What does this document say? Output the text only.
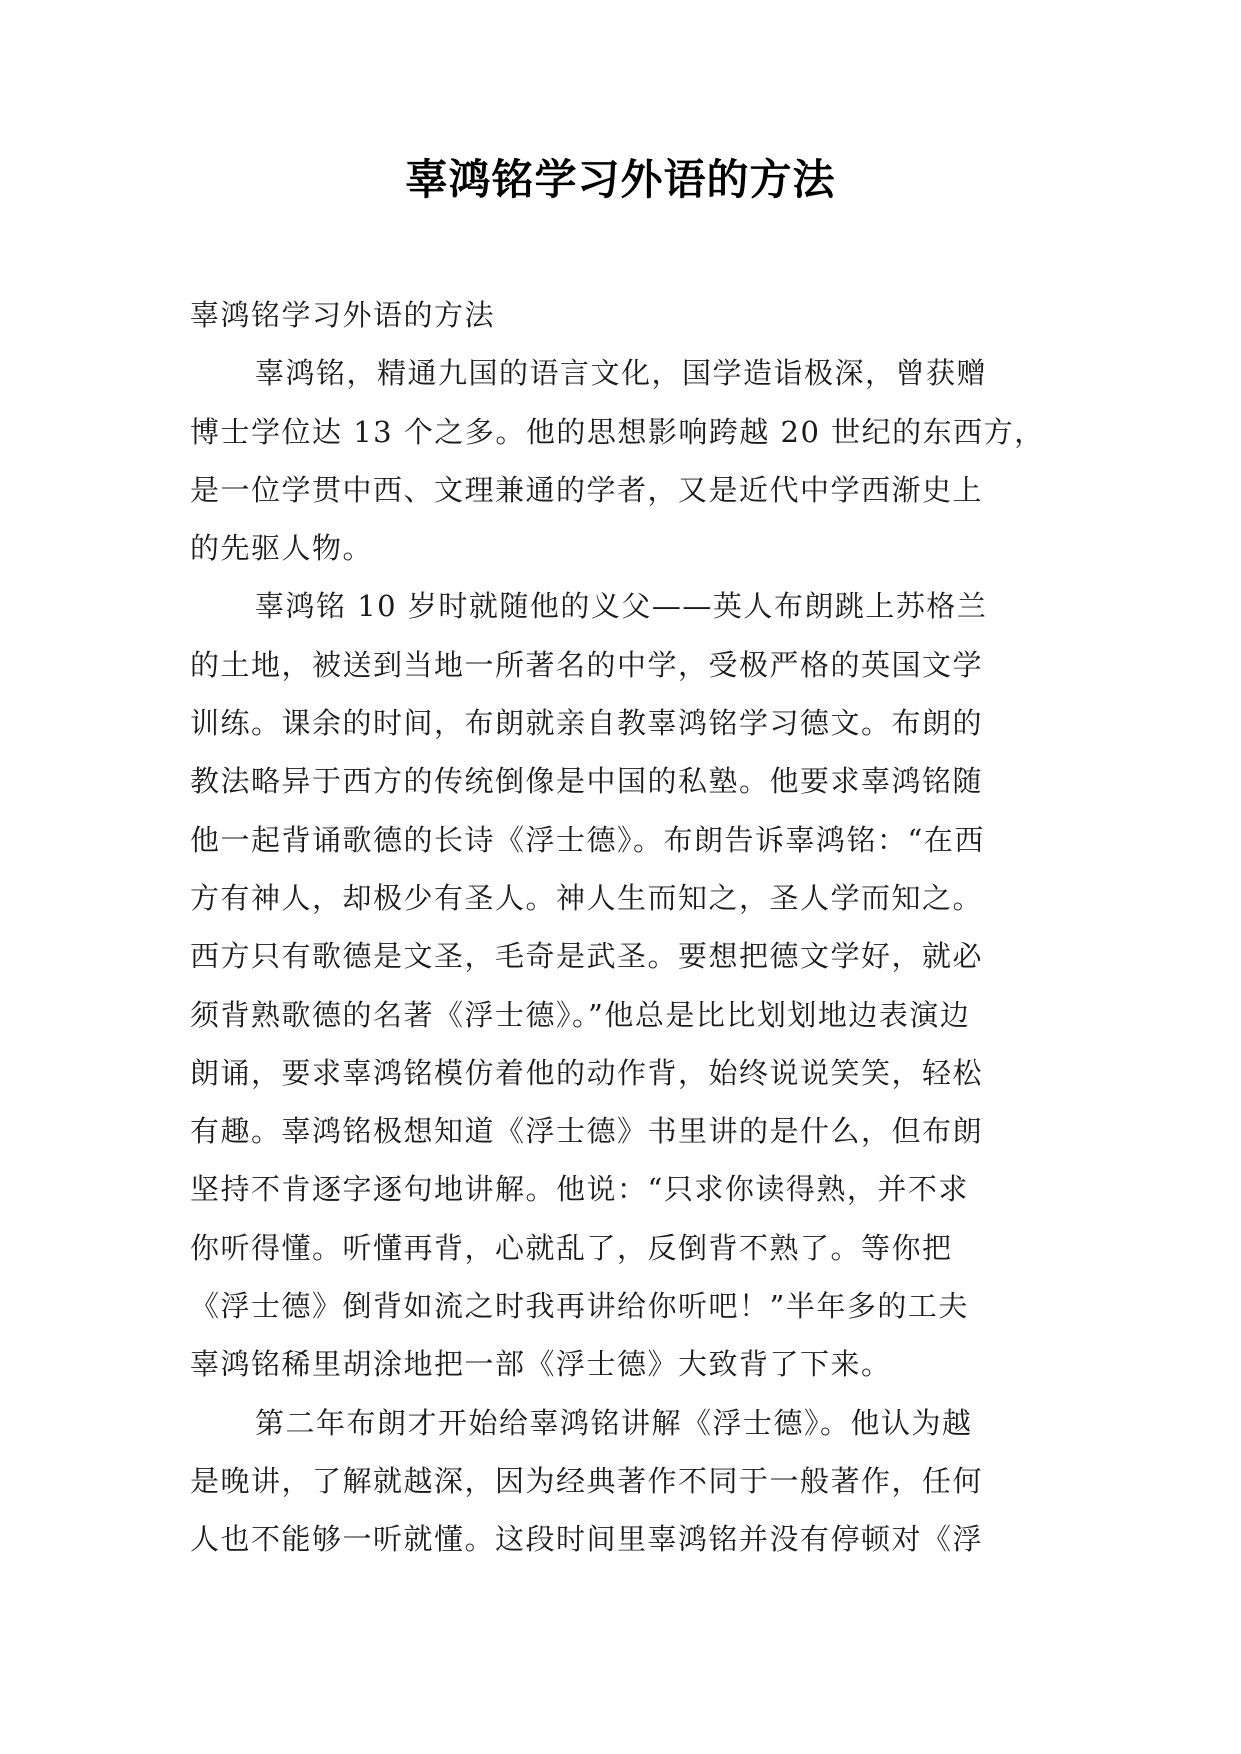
辜鸿铭学习外语的方法
辜鸿铭学习外语的方法
辜鸿铭，精通九国的语言文化，国学造诣极深，曾获赠
博士学位达 13 个之多。他的思想影响跨越 20 世纪的东西方，
是一位学贯中西、文理兼通的学者，又是近代中学西渐史上
的先驱人物。
辜鸿铭 10 岁时就随他的义父——英人布朗跳上苏格兰
的土地，被送到当地一所著名的中学，受极严格的英国文学
训练。课余的时间，布朗就亲自教辜鸿铭学习德文。布朗的
教法略异于西方的传统倒像是中国的私塾。他要求辜鸿铭随
他一起背诵歌德的长诗《浮士德》。布朗告诉辜鸿铭：“在西
方有神人，却极少有圣人。神人生而知之，圣人学而知之。
西方只有歌德是文圣，毛奇是武圣。要想把德文学好，就必
须背熟歌德的名著《浮士德》。”他总是比比划划地边表演边
朗诵，要求辜鸿铭模仿着他的动作背，始终说说笑笑，轻松
有趣。辜鸿铭极想知道《浮士德》书里讲的是什么，但布朗
坚持不肯逐字逐句地讲解。他说：“只求你读得熟，并不求
你听得懂。听懂再背，心就乱了，反倒背不熟了。等你把
《浮士德》倒背如流之时我再讲给你听吧！”半年多的工夫
辜鸿铭稀里胡涂地把一部《浮士德》大致背了下来。
第二年布朗才开始给辜鸿铭讲解《浮士德》。他认为越
是晚讲，了解就越深，因为经典著作不同于一般著作，任何
人也不能够一听就懂。这段时间里辜鸿铭并没有停顿对《浮
